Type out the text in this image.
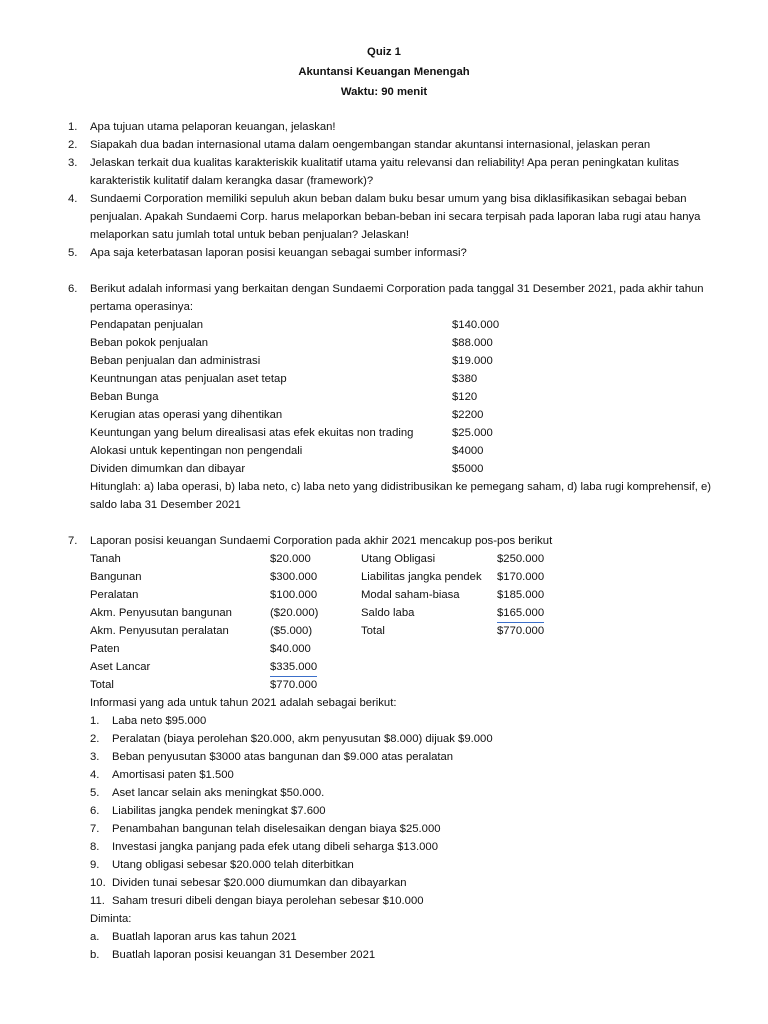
Quiz 1
Akuntansi Keuangan Menengah
Waktu: 90 menit
1. Apa tujuan utama pelaporan keuangan, jelaskan!
2. Siapakah dua badan internasional utama dalam oengembangan standar akuntansi internasional, jelaskan peran
3. Jelaskan terkait dua kualitas karakteriskik kualitatif utama yaitu relevansi dan reliability! Apa peran peningkatan kulitas karakteristik kulitatif dalam kerangka dasar (framework)?
4. Sundaemi Corporation memiliki sepuluh akun beban dalam buku besar umum yang bisa diklasifikasikan sebagai beban penjualan. Apakah Sundaemi Corp. harus melaporkan beban-beban ini secara terpisah pada laporan laba rugi atau hanya melaporkan satu jumlah total untuk beban penjualan? Jelaskan!
5. Apa saja keterbatasan laporan posisi keuangan sebagai sumber informasi?
6. Berikut adalah informasi yang berkaitan dengan Sundaemi Corporation pada tanggal 31 Desember 2021, pada akhir tahun pertama operasinya:
Pendapatan penjualan	$140.000
Beban pokok penjualan	$88.000
Beban penjualan dan administrasi	$19.000
Keuntnungan atas penjualan aset tetap	$380
Beban Bunga	$120
Kerugian atas operasi yang dihentikan	$2200
Keuntungan yang belum direalisasi atas efek ekuitas non trading	$25.000
Alokasi untuk kepentingan non pengendali	$4000
Dividen dimumkan dan dibayar	$5000
Hitunglah: a) laba operasi, b) laba neto, c) laba neto yang didistribusikan ke pemegang saham, d) laba rugi komprehensif, e) saldo laba 31 Desember 2021
7. Laporan posisi keuangan Sundaemi Corporation pada akhir 2021 mencakup pos-pos berikut
Tanah	$20.000	Utang Obligasi	$250.000
Bangunan	$300.000	Liabilitas jangka pendek $170.000
Peralatan	$100.000	Modal saham-biasa	$185.000
Akm. Penyusutan bangunan	($20.000)	Saldo laba	$165.000
Akm. Penyusutan peralatan	($5.000)	Total	$770.000
Paten	$40.000
Aset Lancar	$335.000
Total	$770.000
Informasi yang ada untuk tahun 2021 adalah sebagai berikut:
1. Laba neto $95.000
2. Peralatan (biaya perolehan $20.000, akm penyusutan $8.000) dijuak $9.000
3. Beban penyusutan $3000 atas bangunan dan $9.000 atas peralatan
4. Amortisasi paten $1.500
5. Aset lancar selain aks meningkat $50.000.
6. Liabilitas jangka pendek meningkat $7.600
7. Penambahan bangunan telah diselesaikan dengan biaya $25.000
8. Investasi jangka panjang pada efek utang dibeli seharga $13.000
9. Utang obligasi sebesar $20.000 telah diterbitkan
10. Dividen tunai sebesar $20.000 diumumkan dan dibayarkan
11. Saham tresuri dibeli dengan biaya perolehan sebesar $10.000
Diminta:
a. Buatlah laporan arus kas tahun 2021
b. Buatlah laporan posisi keuangan 31 Desember 2021
